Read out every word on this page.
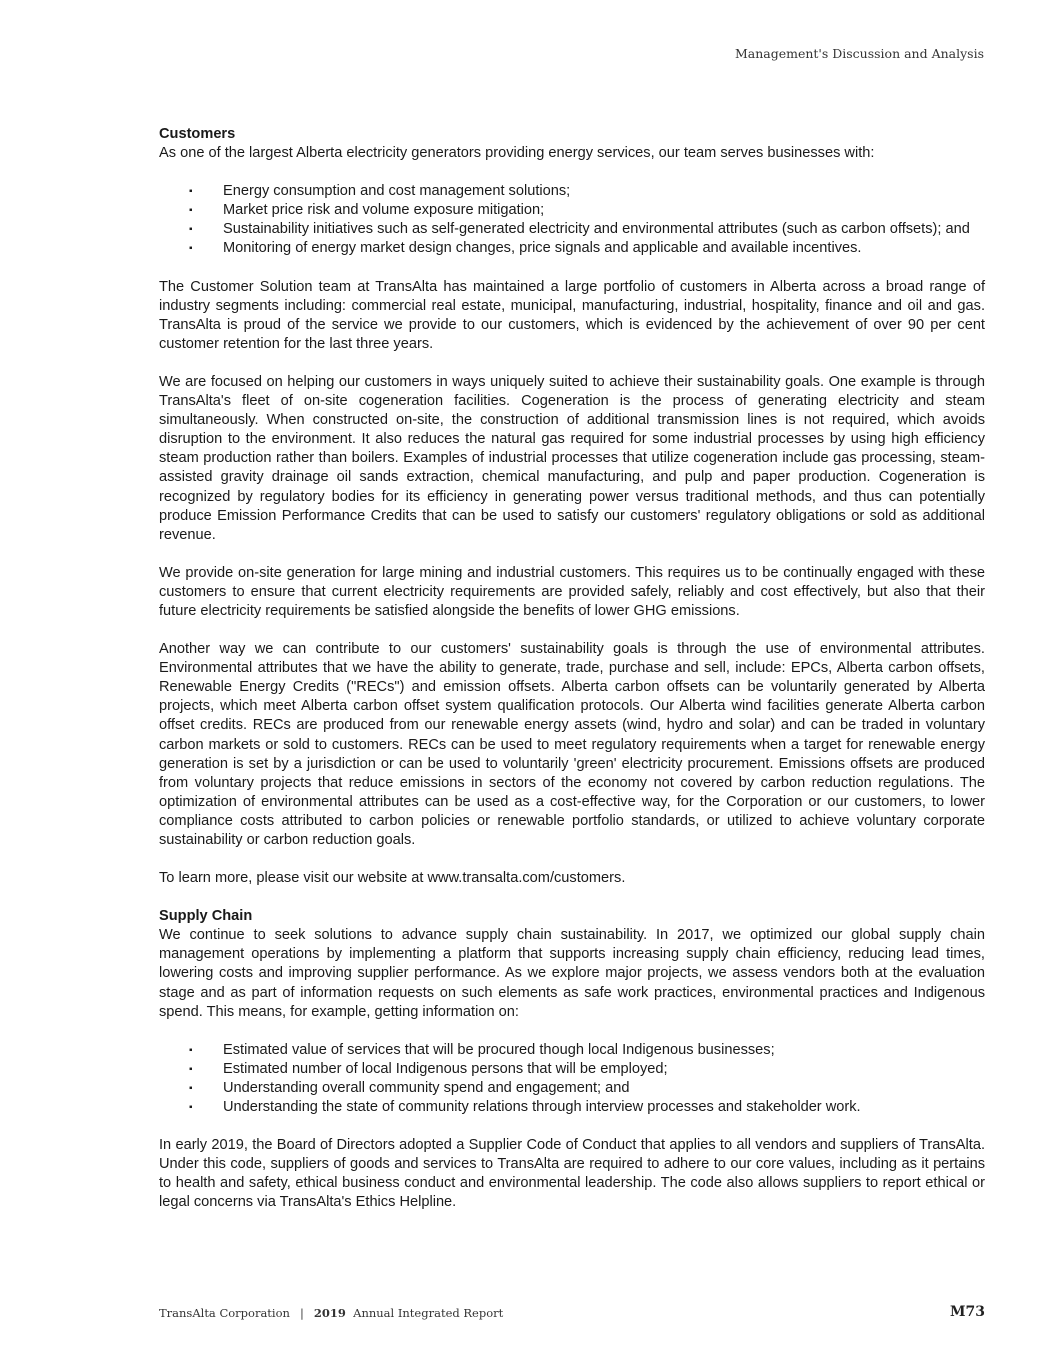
Management's Discussion and Analysis

Customers

As one of the largest Alberta electricity generators providing energy services, our team serves businesses with:

▪ Energy consumption and cost management solutions;
▪ Market price risk and volume exposure mitigation;
▪ Sustainability initiatives such as self-generated electricity and environmental attributes (such as carbon offsets); and
▪ Monitoring of energy market design changes, price signals and applicable and available incentives.

The Customer Solution team at TransAlta has maintained a large portfolio of customers in Alberta across a broad range of industry segments including: commercial real estate, municipal, manufacturing, industrial, hospitality, finance and oil and gas. TransAlta is proud of the service we provide to our customers, which is evidenced by the achievement of over 90 per cent customer retention for the last three years.

We are focused on helping our customers in ways uniquely suited to achieve their sustainability goals. One example is through TransAlta's fleet of on-site cogeneration facilities. Cogeneration is the process of generating electricity and steam simultaneously. When constructed on-site, the construction of additional transmission lines is not required, which avoids disruption to the environment. It also reduces the natural gas required for some industrial processes by using high efficiency steam production rather than boilers. Examples of industrial processes that utilize cogeneration include gas processing, steam-assisted gravity drainage oil sands extraction, chemical manufacturing, and pulp and paper production. Cogeneration is recognized by regulatory bodies for its efficiency in generating power versus traditional methods, and thus can potentially produce Emission Performance Credits that can be used to satisfy our customers' regulatory obligations or sold as additional revenue.

We provide on-site generation for large mining and industrial customers. This requires us to be continually engaged with these customers to ensure that current electricity requirements are provided safely, reliably and cost effectively, but also that their future electricity requirements be satisfied alongside the benefits of lower GHG emissions.

Another way we can contribute to our customers' sustainability goals is through the use of environmental attributes. Environmental attributes that we have the ability to generate, trade, purchase and sell, include: EPCs, Alberta carbon offsets, Renewable Energy Credits ("RECs") and emission offsets. Alberta carbon offsets can be voluntarily generated by Alberta projects, which meet Alberta carbon offset system qualification protocols. Our Alberta wind facilities generate Alberta carbon offset credits. RECs are produced from our renewable energy assets (wind, hydro and solar) and can be traded in voluntary carbon markets or sold to customers. RECs can be used to meet regulatory requirements when a target for renewable energy generation is set by a jurisdiction or can be used to voluntarily 'green' electricity procurement. Emissions offsets are produced from voluntary projects that reduce emissions in sectors of the economy not covered by carbon reduction regulations. The optimization of environmental attributes can be used as a cost-effective way, for the Corporation or our customers, to lower compliance costs attributed to carbon policies or renewable portfolio standards, or utilized to achieve voluntary corporate sustainability or carbon reduction goals.

To learn more, please visit our website at www.transalta.com/customers.

Supply Chain

We continue to seek solutions to advance supply chain sustainability. In 2017, we optimized our global supply chain management operations by implementing a platform that supports increasing supply chain efficiency, reducing lead times, lowering costs and improving supplier performance. As we explore major projects, we assess vendors both at the evaluation stage and as part of information requests on such elements as safe work practices, environmental practices and Indigenous spend. This means, for example, getting information on:

▪ Estimated value of services that will be procured though local Indigenous businesses;
▪ Estimated number of local Indigenous persons that will be employed;
▪ Understanding overall community spend and engagement; and
▪ Understanding the state of community relations through interview processes and stakeholder work.

In early 2019, the Board of Directors adopted a Supplier Code of Conduct that applies to all vendors and suppliers of TransAlta. Under this code, suppliers of goods and services to TransAlta are required to adhere to our core values, including as it pertains to health and safety, ethical business conduct and environmental leadership. The code also allows suppliers to report ethical or legal concerns via TransAlta's Ethics Helpline.

TransAlta Corporation | 2019 Annual Integrated Report	M73
